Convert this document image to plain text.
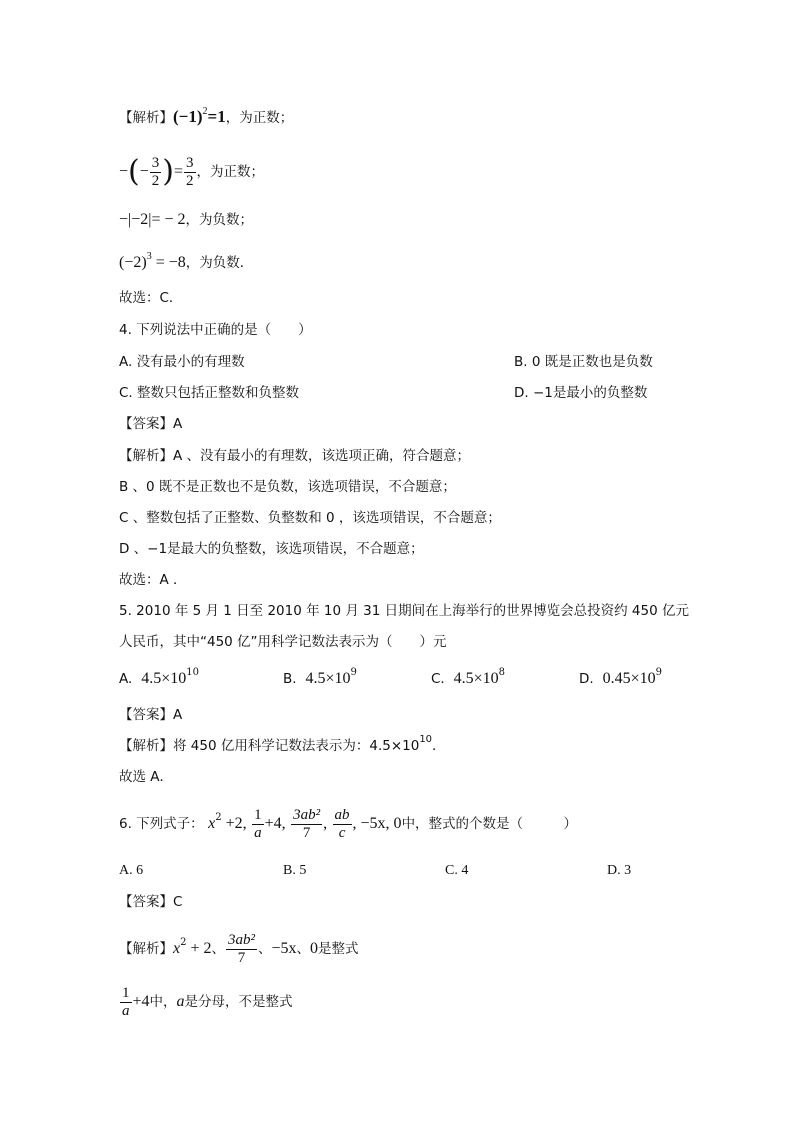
【解析】$(-1)^2=1$，为正数；
−(− $\frac{3}{2}$ )= $\frac{3}{2}$ ，为正数；
−|−2|= − 2，为负数；
$(-2)^3 = -8$，为负数．
故选：C．
4. 下列说法中正确的是（　　）
A. 没有最小的有理数	B. 0 既是正数也是负数
C. 整数只包括正整数和负整数	D. −1是最小的负整数
【答案】A
【解析】A 、没有最小的有理数，该选项正确，符合题意；
B 、0 既不是正数也不是负数，该选项错误，不合题意；
C 、整数包括了正整数、负整数和 0 ，该选项错误，不合题意；
D 、−1是最大的负整数，该选项错误，不合题意；
故选：A ．
5. 2010 年 5 月 1 日至 2010 年 10 月 31 日期间在上海举行的世界博览会总投资约 450 亿元
人民币，其中“450 亿”用科学记数法表示为（　　）元
A. $4.5\times 10^{10}$	B. $4.5\times 10^9$	C. $4.5\times 10^8$	D. $0.45\times 10^9$
【答案】A
【解析】将 450 亿用科学记数法表示为：$4.5\times 10^{10}$．
故选 A．
6. 下列式子： $x^2 +2$, $\frac{1}{a} +4$, $\frac{\text{3ab²}}{7}$ , $\frac{ab}{c}$ , −5x, 0中，整式的个数是（　　　）
A. 6	B. 5	C. 4	D. 3
【答案】C
【解析】$x^2 + 2$、 $\frac{\text{3ab²}}{7}$ 、−5x、0是整式
$\frac{1}{a} +4$中，a是分母，不是整式
